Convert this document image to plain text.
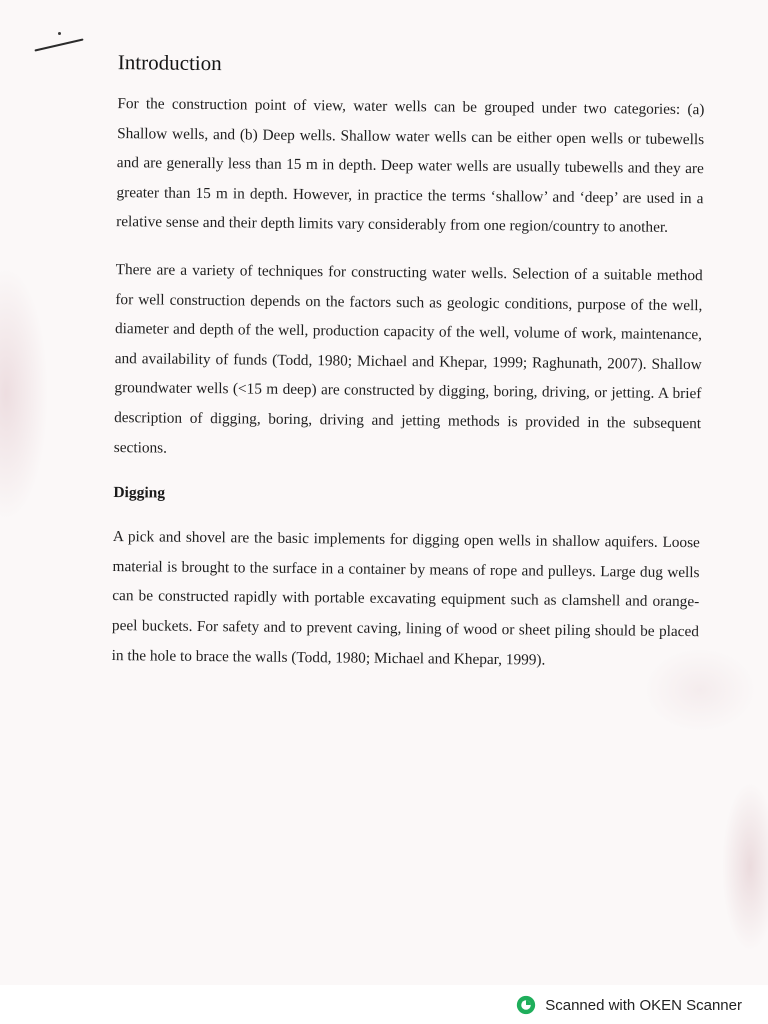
Introduction

For the construction point of view, water wells can be grouped under two categories: (a) Shallow wells, and (b) Deep wells. Shallow water wells can be either open wells or tubewells and are generally less than 15 m in depth. Deep water wells are usually tubewells and they are greater than 15 m in depth. However, in practice the terms ‘shallow’ and ‘deep’ are used in a relative sense and their depth limits vary considerably from one region/country to another.

There are a variety of techniques for constructing water wells. Selection of a suitable method for well construction depends on the factors such as geologic conditions, purpose of the well, diameter and depth of the well, production capacity of the well, volume of work, maintenance, and availability of funds (Todd, 1980; Michael and Khepar, 1999; Raghunath, 2007). Shallow groundwater wells (<15 m deep) are constructed by digging, boring, driving, or jetting. A brief description of digging, boring, driving and jetting methods is provided in the subsequent sections.

Digging

A pick and shovel are the basic implements for digging open wells in shallow aquifers. Loose material is brought to the surface in a container by means of rope and pulleys. Large dug wells can be constructed rapidly with portable excavating equipment such as clamshell and orange-peel buckets. For safety and to prevent caving, lining of wood or sheet piling should be placed in the hole to brace the walls (Todd, 1980; Michael and Khepar, 1999).

Scanned with OKEN Scanner
